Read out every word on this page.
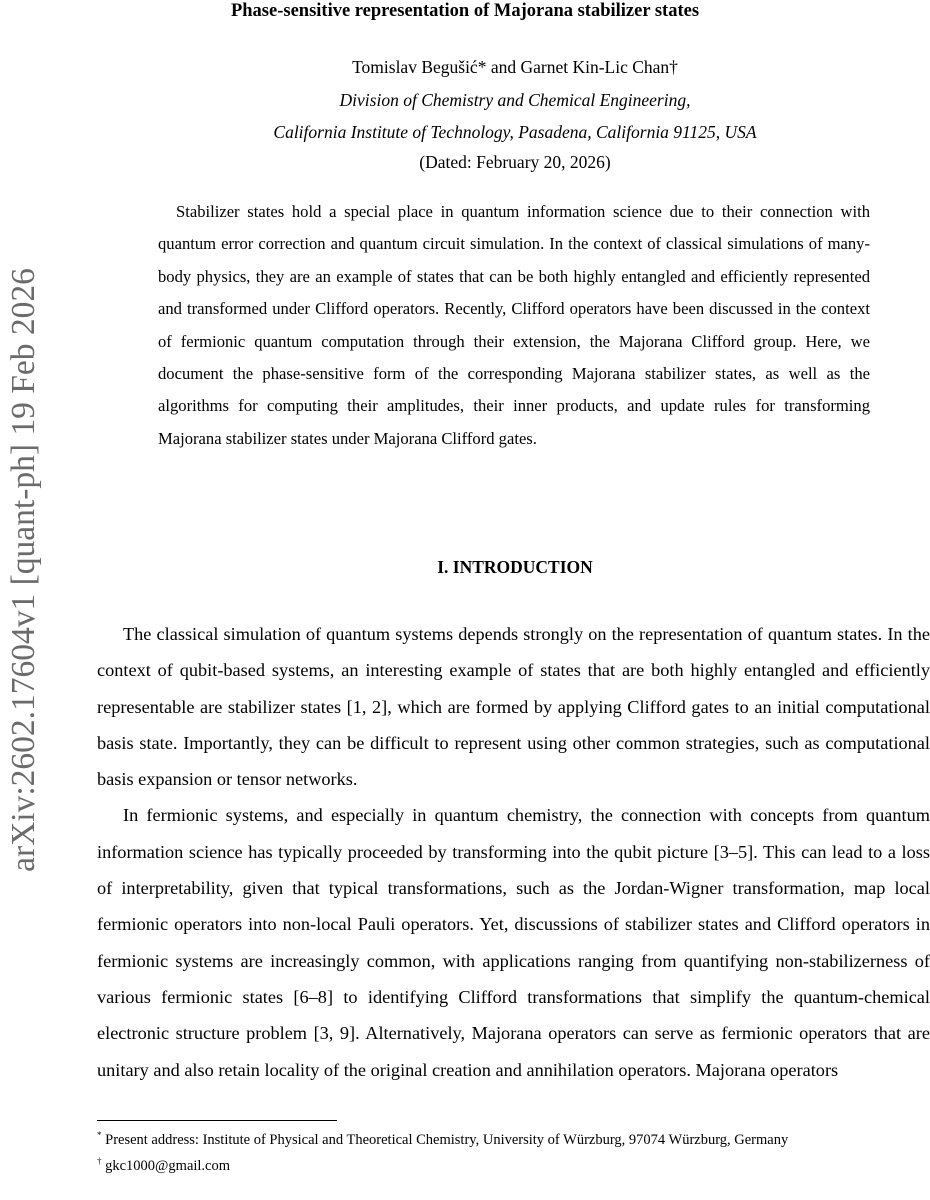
arXiv:2602.17604v1 [quant-ph] 19 Feb 2026
Phase-sensitive representation of Majorana stabilizer states
Tomislav Begušić* and Garnet Kin-Lic Chan†
Division of Chemistry and Chemical Engineering,
California Institute of Technology, Pasadena, California 91125, USA
(Dated: February 20, 2026)
Stabilizer states hold a special place in quantum information science due to their connection with quantum error correction and quantum circuit simulation. In the context of classical simulations of many-body physics, they are an example of states that can be both highly entangled and efficiently represented and transformed under Clifford operators. Recently, Clifford operators have been discussed in the context of fermionic quantum computation through their extension, the Majorana Clifford group. Here, we document the phase-sensitive form of the corresponding Majorana stabilizer states, as well as the algorithms for computing their amplitudes, their inner products, and update rules for transforming Majorana stabilizer states under Majorana Clifford gates.
I. INTRODUCTION

The classical simulation of quantum systems depends strongly on the representation of quantum states. In the context of qubit-based systems, an interesting example of states that are both highly entangled and efficiently representable are stabilizer states [1, 2], which are formed by applying Clifford gates to an initial computational basis state. Importantly, they can be difficult to represent using other common strategies, such as computational basis expansion or tensor networks.

In fermionic systems, and especially in quantum chemistry, the connection with concepts from quantum information science has typically proceeded by transforming into the qubit picture [3–5]. This can lead to a loss of interpretability, given that typical transformations, such as the Jordan-Wigner transformation, map local fermionic operators into non-local Pauli operators. Yet, discussions of stabilizer states and Clifford operators in fermionic systems are increasingly common, with applications ranging from quantifying non-stabilizerness of various fermionic states [6–8] to identifying Clifford transformations that simplify the quantum-chemical electronic structure problem [3, 9]. Alternatively, Majorana operators can serve as fermionic operators that are unitary and also retain locality of the original creation and annihilation operators. Majorana operators

* Present address: Institute of Physical and Theoretical Chemistry, University of Würzburg, 97074 Würzburg, Germany
† gkc1000@gmail.com
